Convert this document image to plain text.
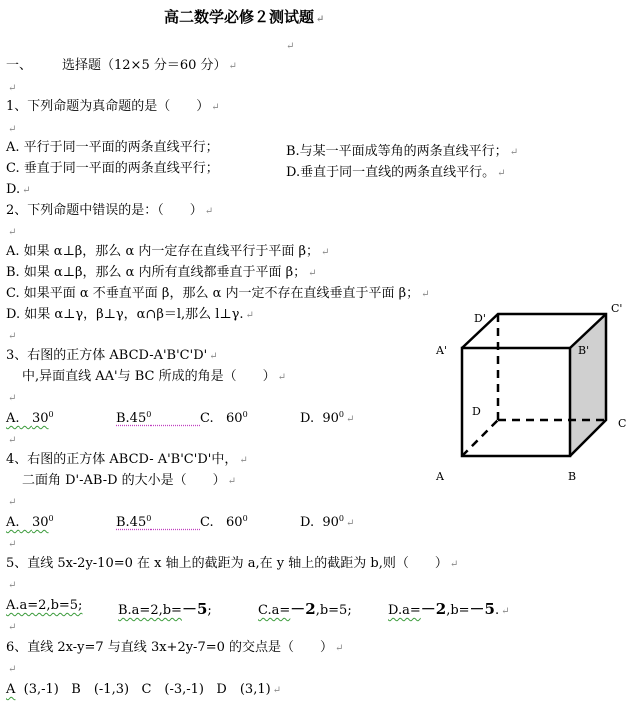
高二数学必修２测试题 ↵
↵
一、 选择题（12×5 分＝60 分） ↵
↵
1、下列命题为真命题的是（　　） ↵
↵
A. 平行于同一平面的两条直线平行；	B.与某一平面成等角的两条直线平行； ↵
C. 垂直于同一平面的两条直线平行；	D.垂直于同一直线的两条直线平行。 ↵
D. ↵
2、下列命题中错误的是：（　　） ↵
↵
A. 如果 α⊥β，那么 α 内一定存在直线平行于平面 β； ↵
B. 如果 α⊥β，那么 α 内所有直线都垂直于平面 β； ↵
C. 如果平面 α 不垂直平面 β，那么 α 内一定不存在直线垂直于平面 β； ↵
D. 如果 α⊥γ，β⊥γ，α∩β＝l,那么 l⊥γ. ↵
↵
3、右图的正方体 ABCD-A'B'C'D' ↵
中,异面直线 AA'与 BC 所成的角是（　　） ↵
↵
A. $30^0$	$B.45^0$	C. $60^0$	D. $90^0$ ↵
↵
4、右图的正方体 ABCD- A'B'C'D'中， ↵
二面角 D'-AB-D 的大小是（　　） ↵
↵
A. $30^0$	$B.45^0$	C. $60^0$	D. $90^0$ ↵
↵
5、直线 5x-2y-10=0 在 x 轴上的截距为 a,在 y 轴上的截距为 b,则（　　） ↵
↵
A.a=2,b=5;	B.a=2,b=－5;	C.a=－2,b=5;	D.a=－2,b=－5. ↵
↵
6、直线 2x-y=7 与直线 3x+2y-7=0 的交点是（　　） ↵
↵
A (3,-1) B　(-1,3) C　(-3,-1) D　(3,1) ↵
D'
C'
A'	B'
D
C
A	B
